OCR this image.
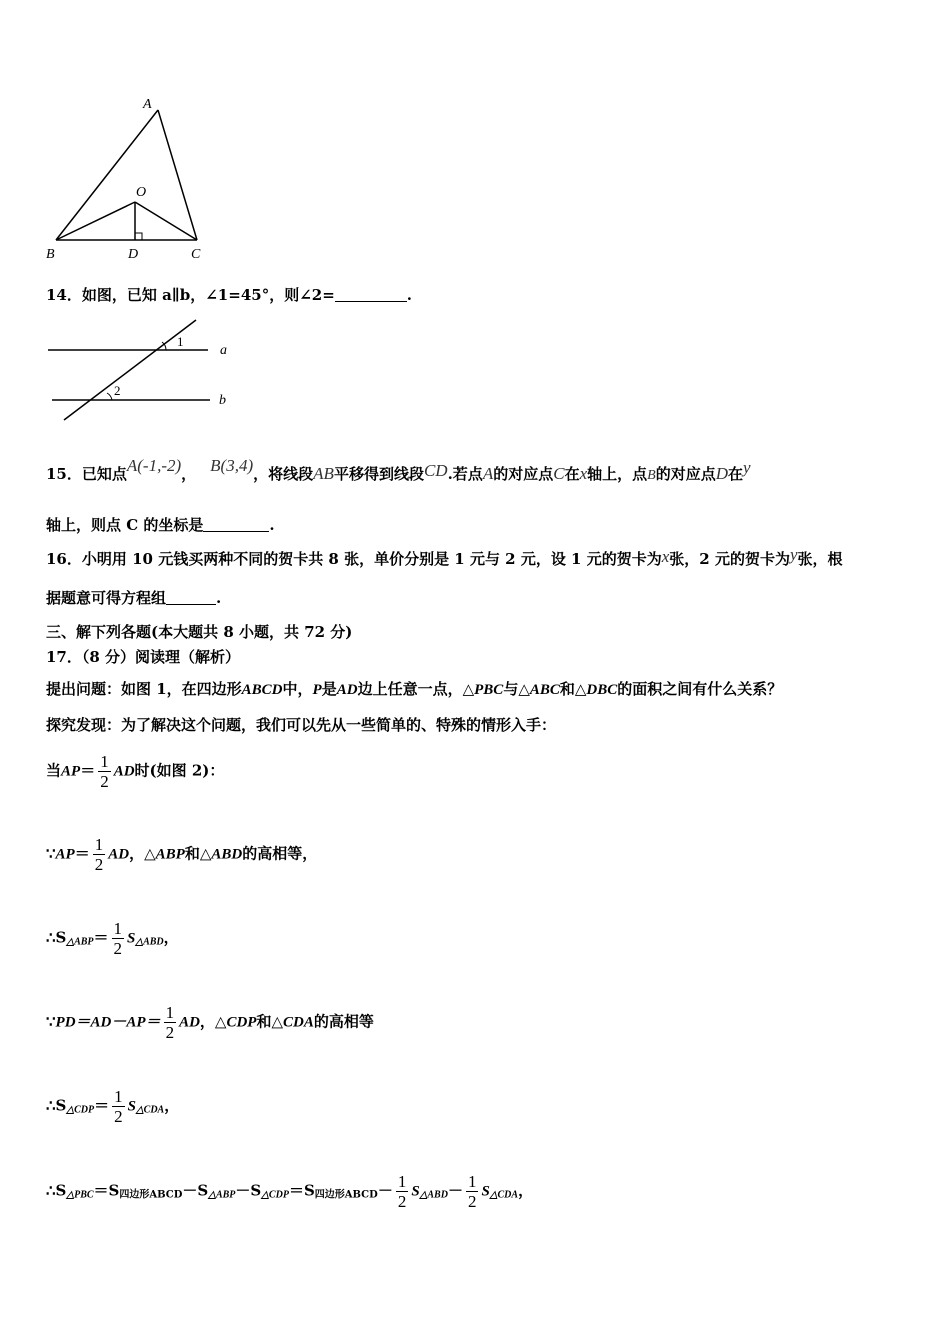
A
O
B	D	C
14．如图，已知 a∥b，∠1=45°，则∠2=	.
1
2
a
b
15．已知点A(-1,-2)， B(3,4)，将线段AB平移得到线段CD.若点A的对应点C在x轴上，点B的对应点D在y
轴上，则点 C 的坐标是	.
16．小明用 10 元钱买两种不同的贺卡共 8 张，单价分别是 1 元与 2 元，设 1 元的贺卡为x张，2 元的贺卡为y张，根
据题意可得方程组	.
三、解下列各题(本大题共 8 小题，共 72 分)
17．（8 分）阅读理（解析）
提出问题：如图 1，在四边形ABCD中，P是AD边上任意一点，△PBC与△ABC和△DBC的面积之间有什么关系？
探究发现：为了解决这个问题，我们可以先从一些简单的、特殊的情形入手：
当$AP= \frac{1}{2}$ AD时(如图 2)：
∵AP＝ $\frac{1}{2}$ AD，△ABP和△ABD的高相等，
$\therefore S_{\triangle ABP}= \frac{1}{2} S_{\triangle ABD}$，
∵PD＝AD－AP＝ $\frac{1}{2}$ AD，△CDP和△CDA的高相等
$\therefore S_{\triangle CDP}= \frac{1}{2} S_{\triangle CDA}$，
$\therefore S_{\triangle PBC}=S$四边形$ABCD-S_{\triangle ABP}-S_{\triangle CDP}=S$四边形ABCD－ $\frac{1}{2} S_{\triangle ABD}- \frac{1}{2} S_{\triangle CDA}$，
